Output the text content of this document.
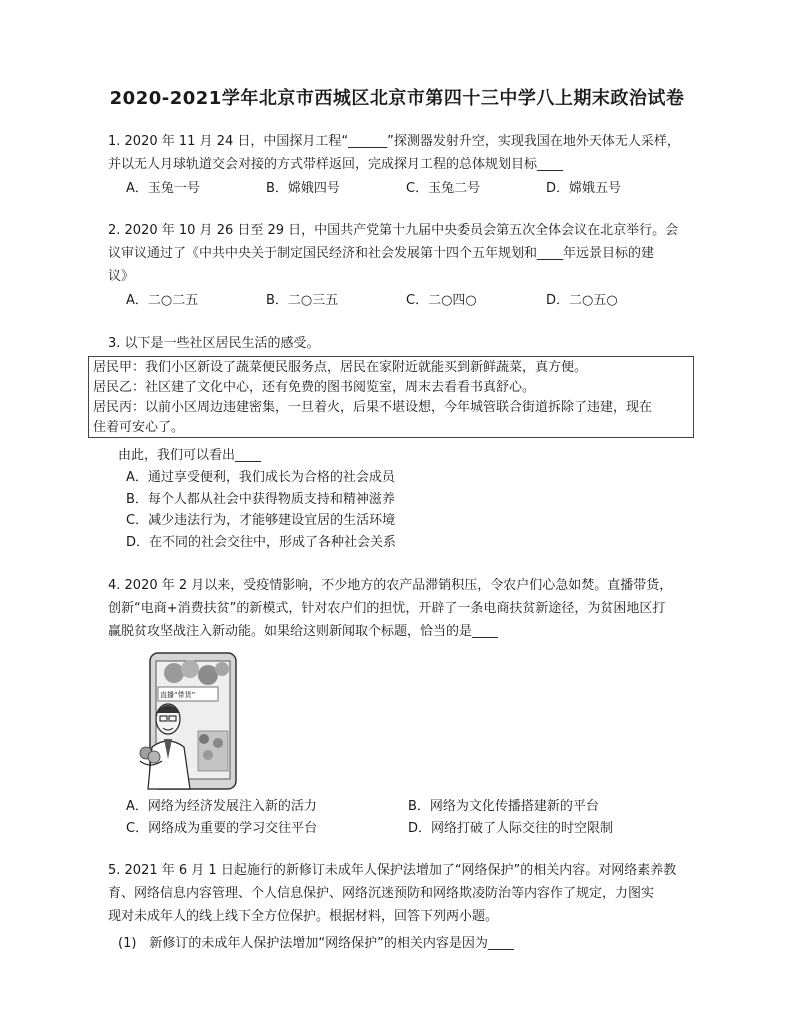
2020-2021学年北京市西城区北京市第四十三中学八上期末政治试卷

1. 2020 年 11 月 24 日，中国探月工程“______”探测器发射升空，实现我国在地外天体无人采样，

并以无人月球轨道交会对接的方式带样返回，完成探月工程的总体规划目标____

A．玉兔一号	B．嫦娥四号	C．玉兔二号	D．嫦娥五号

2. 2020 年 10 月 26 日至 29 日，中国共产党第十九届中央委员会第五次全体会议在北京举行。会

议审议通过了《中共中央关于制定国民经济和社会发展第十四个五年规划和____年远景目标的建

议》

A．二○二五	B．二○三五	C．二○四○	D．二○五○

3. 以下是一些社区居民生活的感受。

居民甲：我们小区新设了蔬菜便民服务点，居民在家附近就能买到新鲜蔬菜，真方便。

居民乙：社区建了文化中心，还有免费的图书阅览室，周末去看看书真舒心。

居民丙：以前小区周边违建密集，一旦着火，后果不堪设想，今年城管联合街道拆除了违建，现在

住着可安心了。

由此，我们可以看出____

A．通过享受便利，我们成长为合格的社会成员
B．每个人都从社会中获得物质支持和精神滋养
C．减少违法行为，才能够建设宜居的生活环境
D．在不同的社会交往中，形成了各种社会关系

4. 2020 年 2 月以来，受疫情影响，不少地方的农产品滞销积压，令农户们心急如焚。直播带货，

创新“电商+消费扶贫”的新模式，针对农户们的担忧，开辟了一条电商扶贫新途径，为贫困地区打

赢脱贫攻坚战注入新动能。如果给这则新闻取个标题，恰当的是____

直播“带货”
A．网络为经济发展注入新的活力	B．网络为文化传播搭建新的平台
C．网络成为重要的学习交往平台	D．网络打破了人际交往的时空限制

5. 2021 年 6 月 1 日起施行的新修订未成年人保护法增加了“网络保护”的相关内容。对网络素养教

育、网络信息内容管理、个人信息保护、网络沉迷预防和网络欺凌防治等内容作了规定，力图实

现对未成年人的线上线下全方位保护。根据材料，回答下列两小题。

(1)　新修订的未成年人保护法增加“网络保护”的相关内容是因为____
